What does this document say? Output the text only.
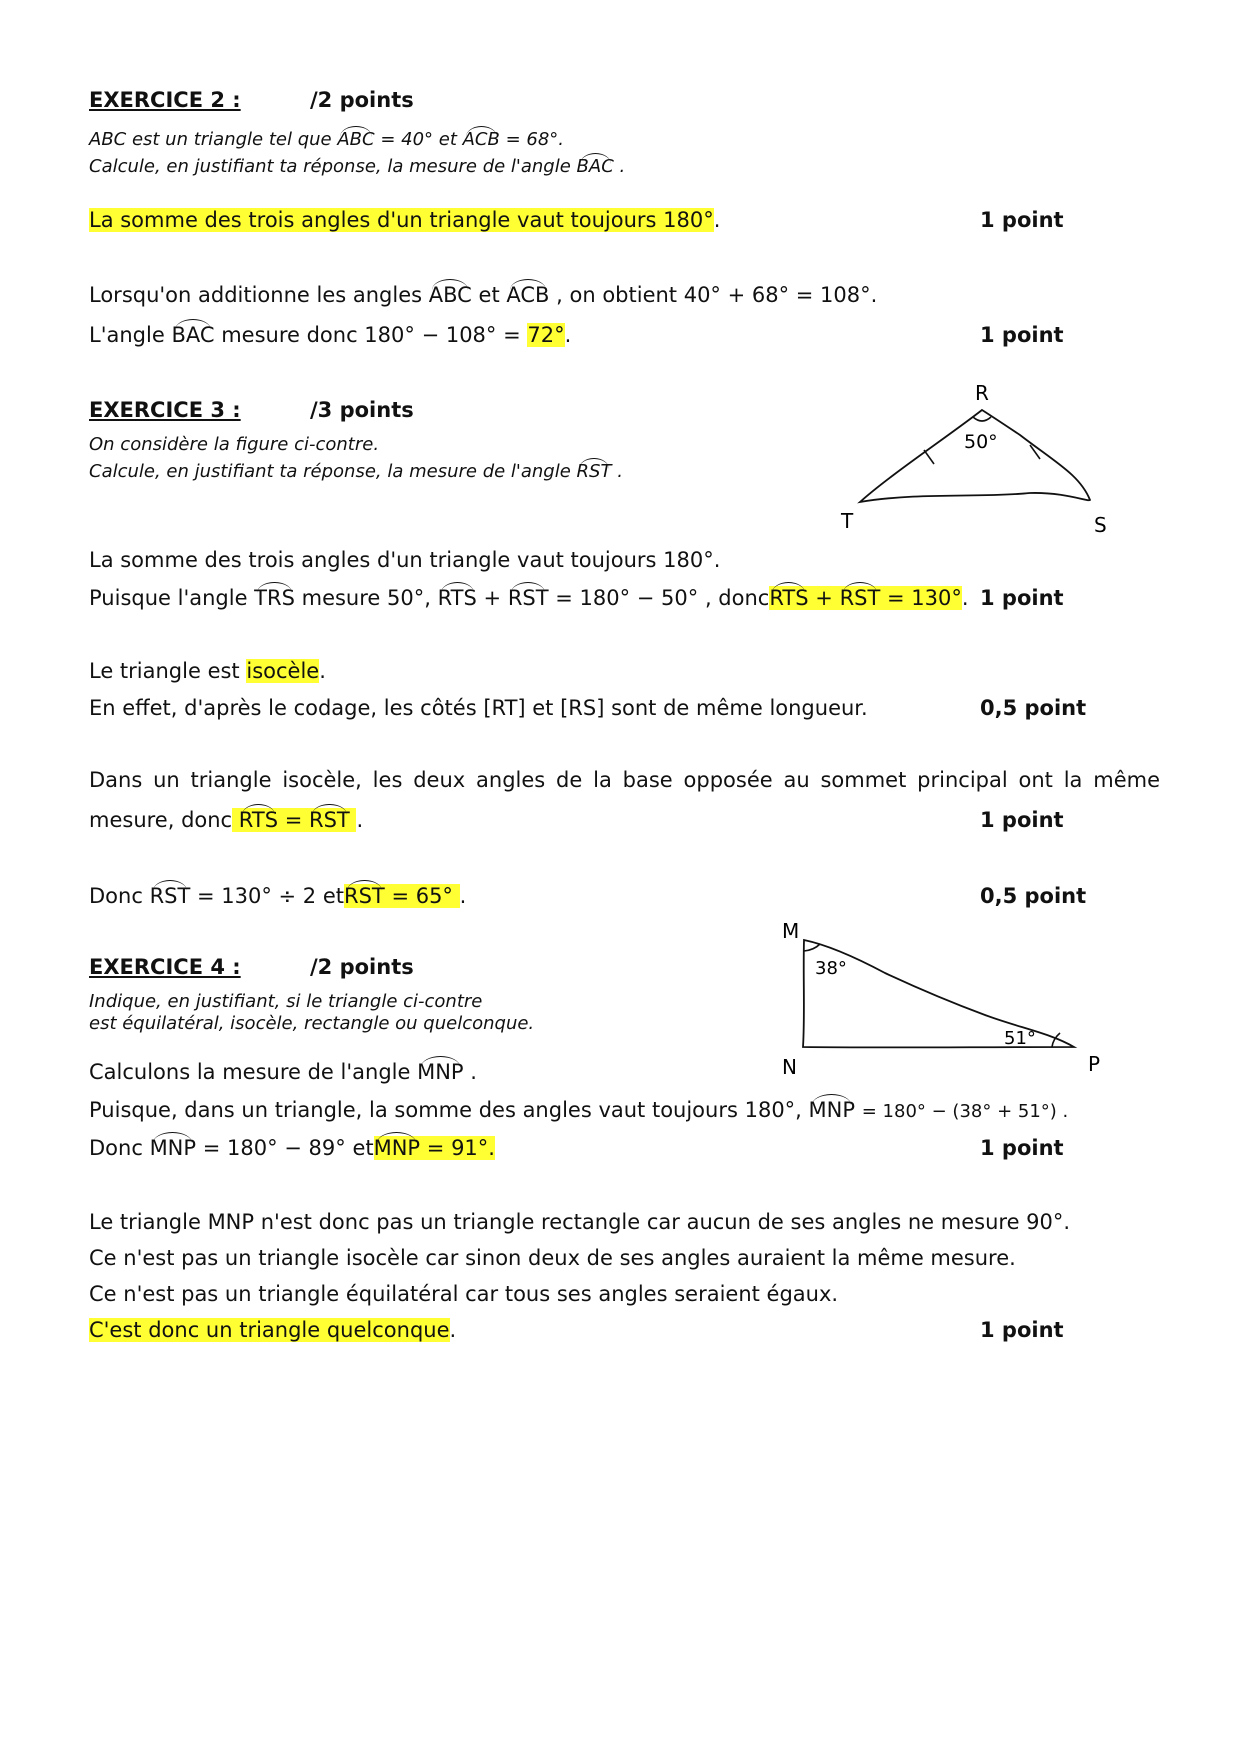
EXERCICE 2 :	/2 points
ABC est un triangle tel que ABC = 40° et ACB = 68°.
Calcule, en justifiant ta réponse, la mesure de l'angle BAC .
La somme des trois angles d'un triangle vaut toujours 180°.	1 point
Lorsqu'on additionne les angles ABC et ACB , on obtient 40° + 68° = 108°.
L'angle BAC mesure donc 180° − 108° = 72°.	1 point
EXERCICE 3 :	/3 points
On considère la figure ci-contre.
Calcule, en justifiant ta réponse, la mesure de l'angle RST .
R
T	S
50°
La somme des trois angles d'un triangle vaut toujours 180°.
Puisque l'angle TRS mesure 50°, RTS + RST = 180° − 50° , doncRTS + RST = 130°. 1 point
Le triangle est isocèle.
En effet, d'après le codage, les côtés [RT] et [RS] sont de même longueur.	0,5 point
Dans un triangle isocèle, les deux angles de la base opposée au sommet principal ont la même
mesure, donc RTS = RST .	1 point
Donc RST = 130° ÷ 2 etRST = 65° .	0,5 point
EXERCICE 4 :	/2 points
Indique, en justifiant, si le triangle ci-contre
est équilatéral, isocèle, rectangle ou quelconque.
M
N	P
38°
51°
Calculons la mesure de l'angle MNP .
Puisque, dans un triangle, la somme des angles vaut toujours 180°, MNP = 180° − (38° + 51°) .
Donc MNP = 180° − 89° etMNP = 91°.	1 point
Le triangle MNP n'est donc pas un triangle rectangle car aucun de ses angles ne mesure 90°.
Ce n'est pas un triangle isocèle car sinon deux de ses angles auraient la même mesure.
Ce n'est pas un triangle équilatéral car tous ses angles seraient égaux.
C'est donc un triangle quelconque.	1 point
